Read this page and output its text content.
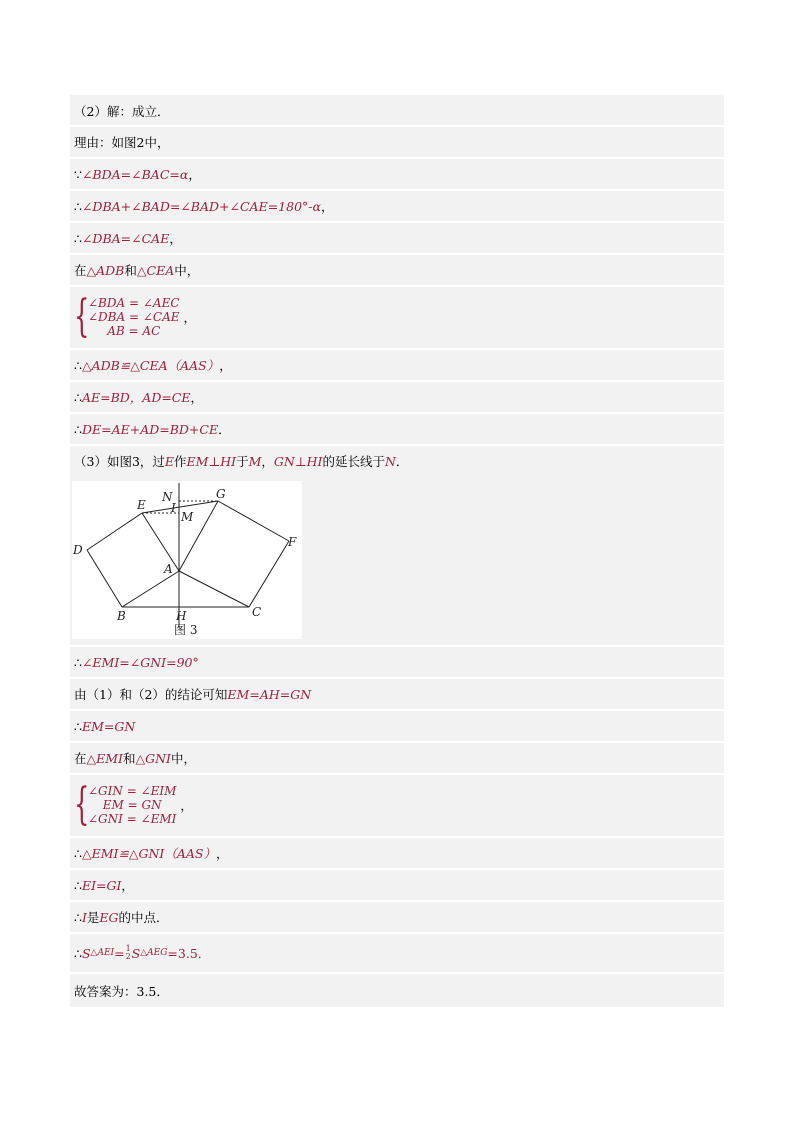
（2）解：成立．
理由：如图2中，
∵ ∠BDA=∠BAC=α ，
∴ ∠DBA+∠BAD=∠BAD+∠CAE=180°-α ，
∴ ∠DBA=∠CAE ，
在 △ADB 和 △CEA 中，
{
∠BDA = ∠AEC
∠DBA = ∠CAE
AB = AC
，
∴ △ADB≌△CEA（AAS） ，
∴ AE=BD，AD=CE ，
∴ DE=AE+AD=BD+CE ．
（3）如图3，过 E 作 EM⊥HI 于 M ， GN⊥HI 的延长线于 N ．
D
E
N
I
G
M
F
A
B	H	C
图 3
∴ ∠EMI=∠GNI=90°
由（1）和（2）的结论可知 EM=AH=GN
∴ EM=GN
在 △EMI 和 △GNI 中，
{
∠GIN = ∠EIM
EM = GN
∠GNI = ∠EMI
，
∴ △EMI≌△GNI（AAS） ，
∴ EI=GI ，
∴ I 是 EG 的中点．
∴ S △AEI = 1
2 S △AEG =3.5．
故答案为：3.5．
